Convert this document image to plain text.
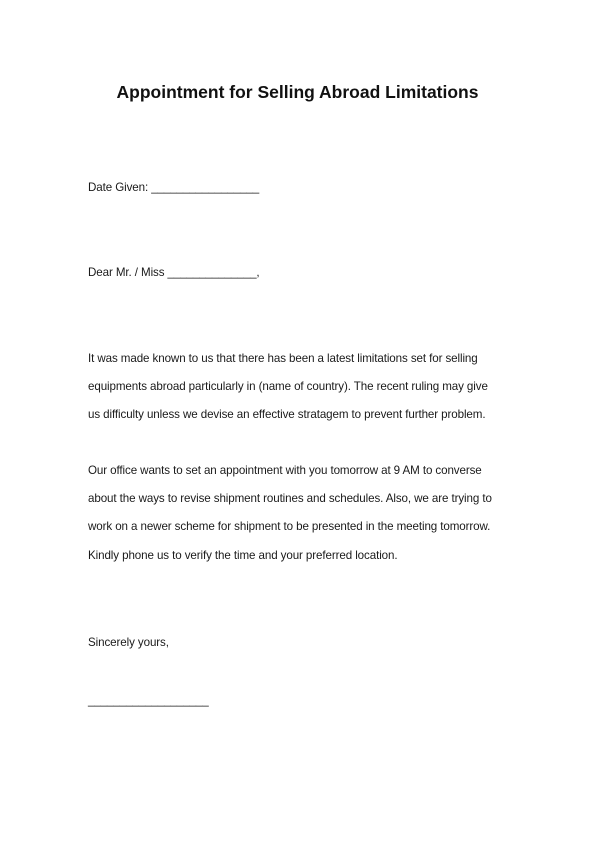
Appointment for Selling Abroad Limitations
Date Given: _________________
Dear Mr. / Miss ______________,
It was made known to us that there has been a latest limitations set for selling
equipments abroad particularly in (name of country). The recent ruling may give
us difficulty unless we devise an effective stratagem to prevent further problem.
Our office wants to set an appointment with you tomorrow at 9 AM to converse
about the ways to revise shipment routines and schedules. Also, we are trying to
work on a newer scheme for shipment to be presented in the meeting tomorrow.
Kindly phone us to verify the time and your preferred location.
Sincerely yours,
___________________
